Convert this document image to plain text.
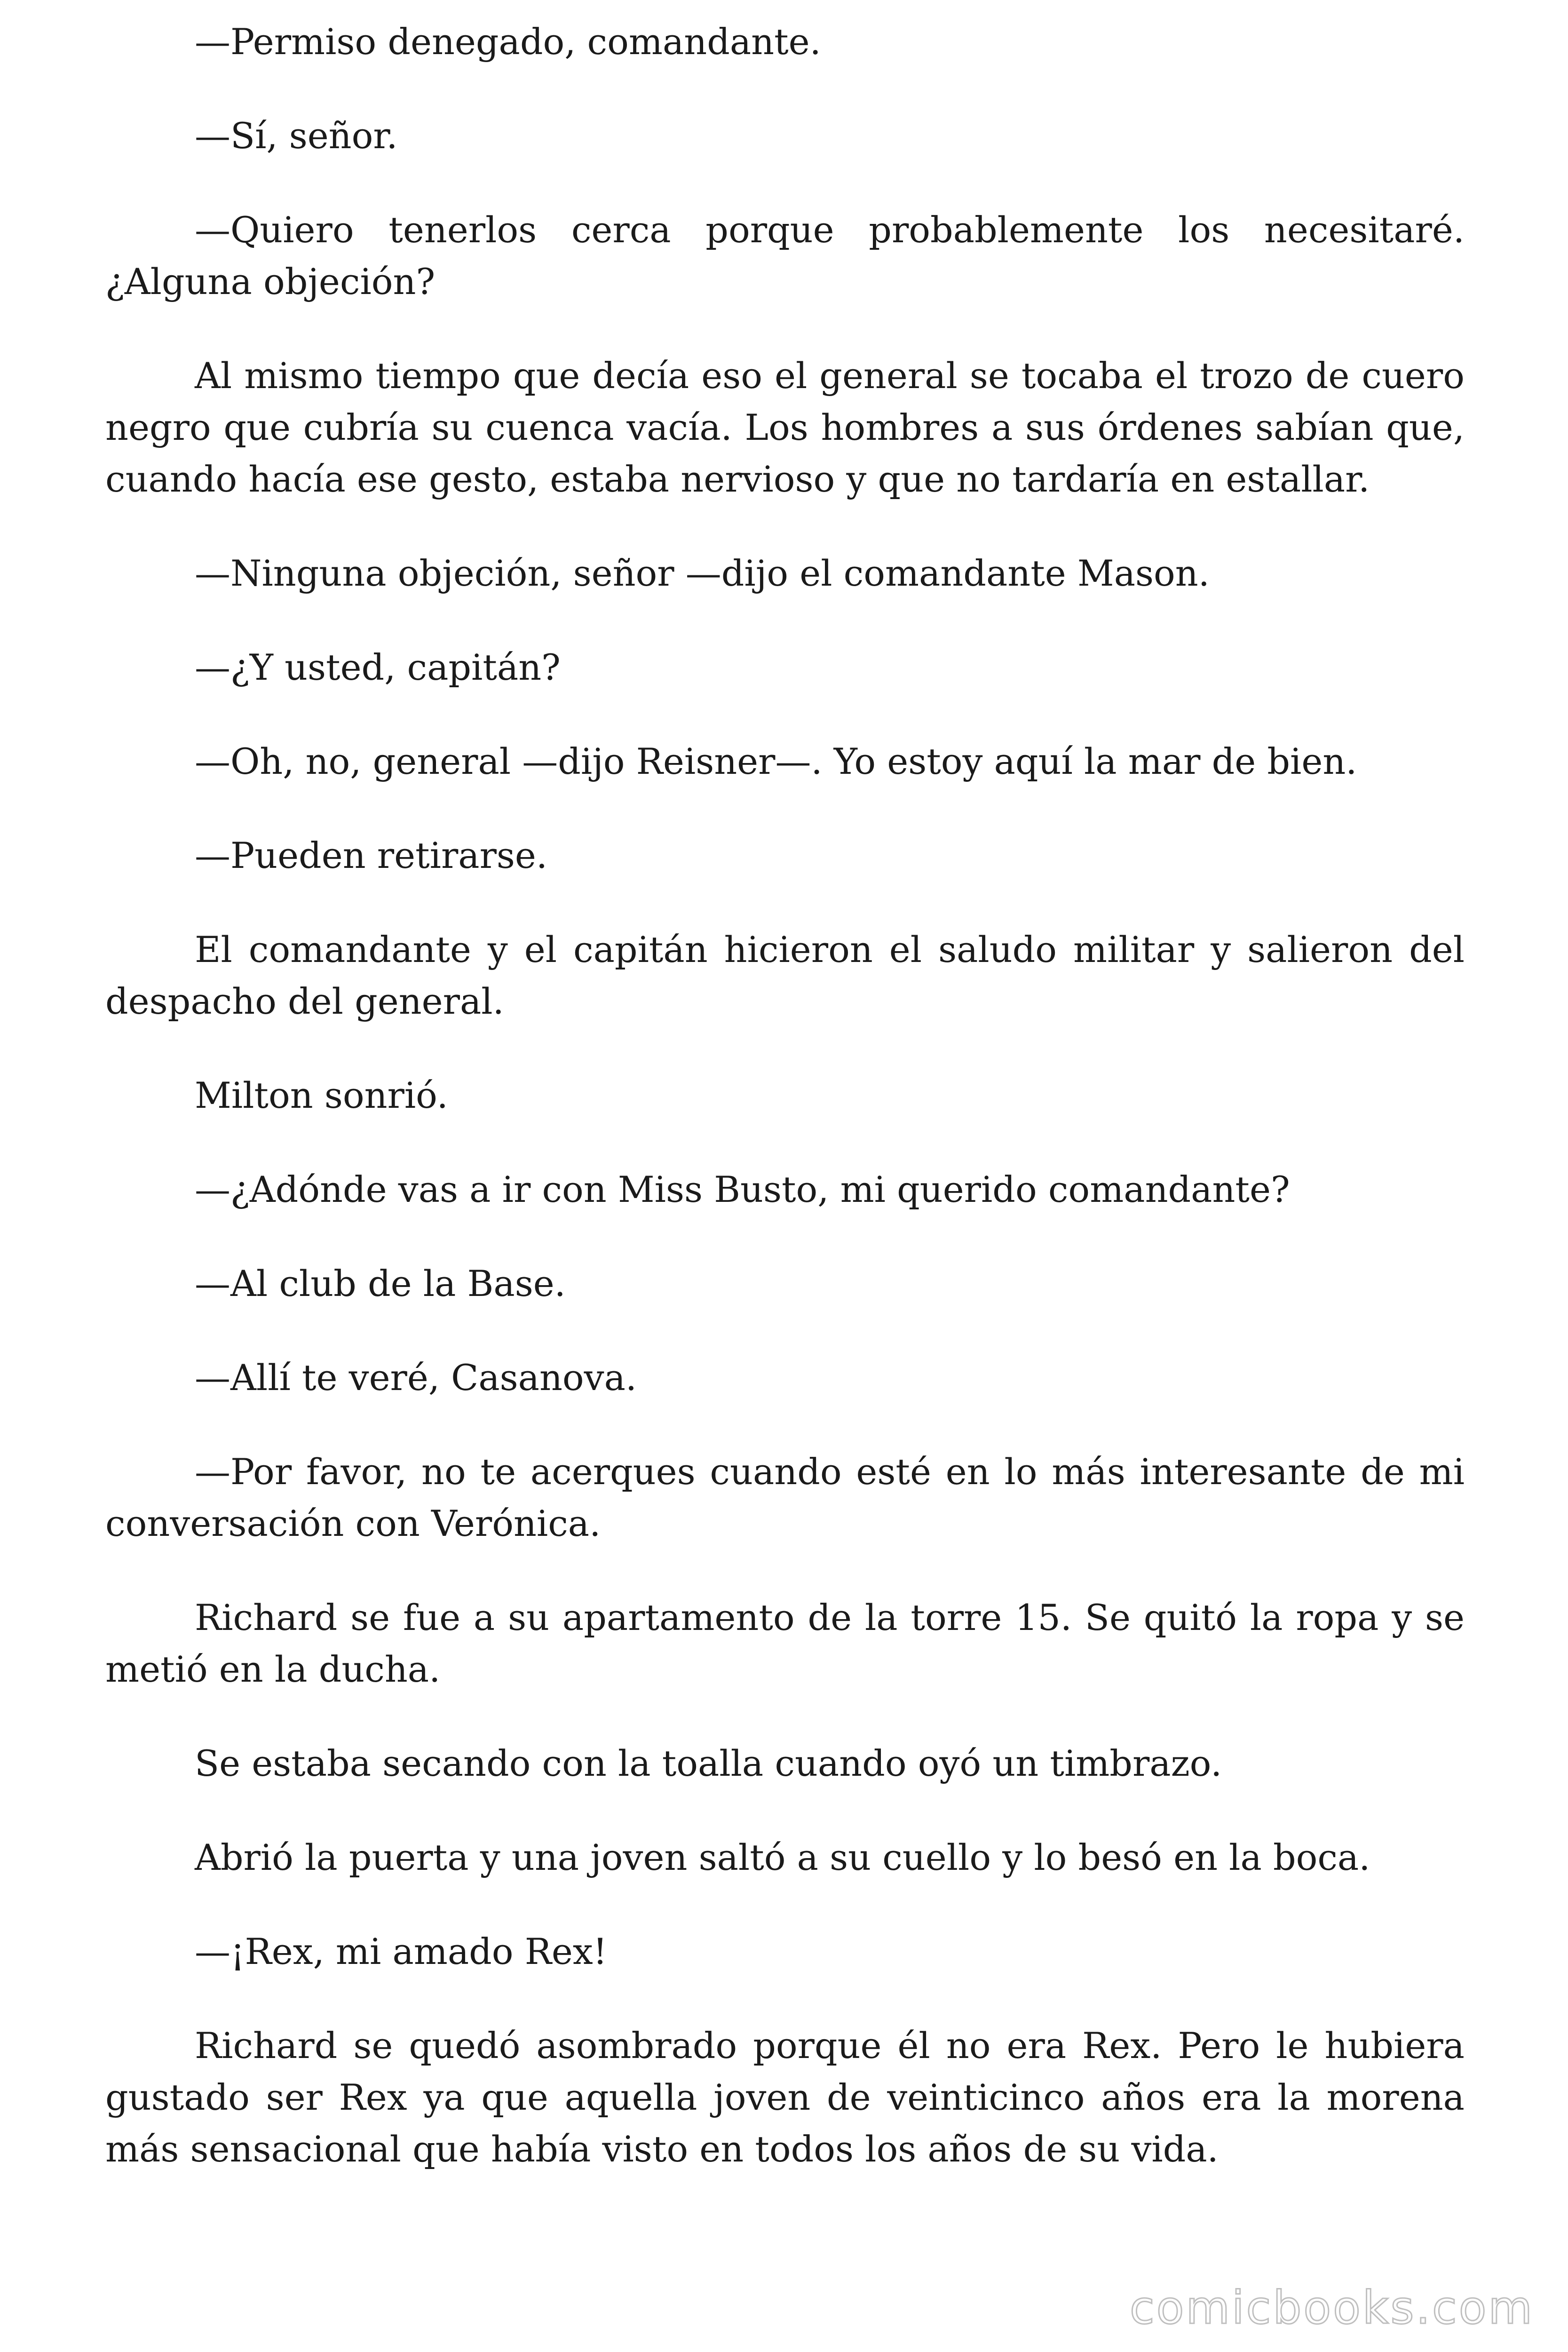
—Permiso denegado, comandante.

—Sí, señor.

—Quiero tenerlos cerca porque probablemente los necesitaré. ¿Alguna objeción?

Al mismo tiempo que decía eso el general se tocaba el trozo de cuero negro que cubría su cuenca vacía. Los hombres a sus órdenes sabían que, cuando hacía ese gesto, estaba nervioso y que no tardaría en estallar.

—Ninguna objeción, señor —dijo el comandante Mason.

—¿Y usted, capitán?

—Oh, no, general —dijo Reisner—. Yo estoy aquí la mar de bien.

—Pueden retirarse.

El comandante y el capitán hicieron el saludo militar y salieron del despacho del general.

Milton sonrió.

—¿Adónde vas a ir con Miss Busto, mi querido comandante?

—Al club de la Base.

—Allí te veré, Casanova.

—Por favor, no te acerques cuando esté en lo más interesante de mi conversación con Verónica.

Richard se fue a su apartamento de la torre 15. Se quitó la ropa y se metió en la ducha.

Se estaba secando con la toalla cuando oyó un timbrazo.

Abrió la puerta y una joven saltó a su cuello y lo besó en la boca.

—¡Rex, mi amado Rex!

Richard se quedó asombrado porque él no era Rex. Pero le hubiera gustado ser Rex ya que aquella joven de veinticinco años era la morena más sensacional que había visto en todos los años de su vida.

comicbooks.com
